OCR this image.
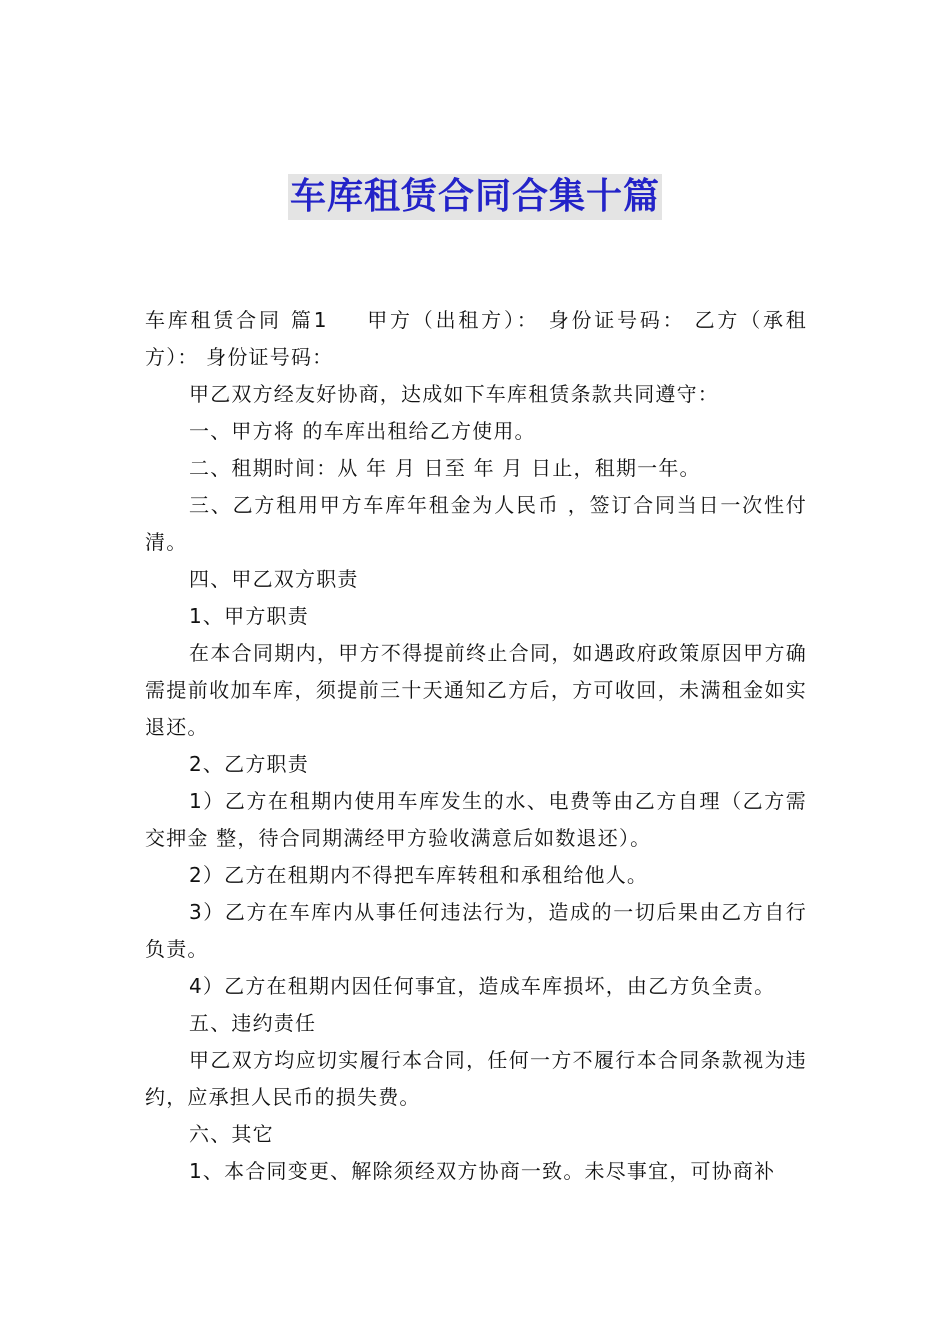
车库租赁合同合集十篇

车库租赁合同 篇1 甲方（出租方）： 身份证号码： 乙方（承租方）： 身份证号码：

甲乙双方经友好协商，达成如下车库租赁条款共同遵守：

一、甲方将 的车库出租给乙方使用。

二、租期时间：从 年 月 日至 年 月 日止，租期一年。

三、乙方租用甲方车库年租金为人民币 ，签订合同当日一次性付清。

四、甲乙双方职责

1、甲方职责

在本合同期内，甲方不得提前终止合同，如遇政府政策原因甲方确需提前收加车库，须提前三十天通知乙方后，方可收回，未满租金如实退还。

2、乙方职责

1）乙方在租期内使用车库发生的水、电费等由乙方自理（乙方需交押金 整，待合同期满经甲方验收满意后如数退还）。

2）乙方在租期内不得把车库转租和承租给他人。

3）乙方在车库内从事任何违法行为，造成的一切后果由乙方自行负责。

4）乙方在租期内因任何事宜，造成车库损坏，由乙方负全责。

五、违约责任

甲乙双方均应切实履行本合同，任何一方不履行本合同条款视为违约，应承担人民币的损失费。

六、其它

1、本合同变更、解除须经双方协商一致。未尽事宜，可协商补
